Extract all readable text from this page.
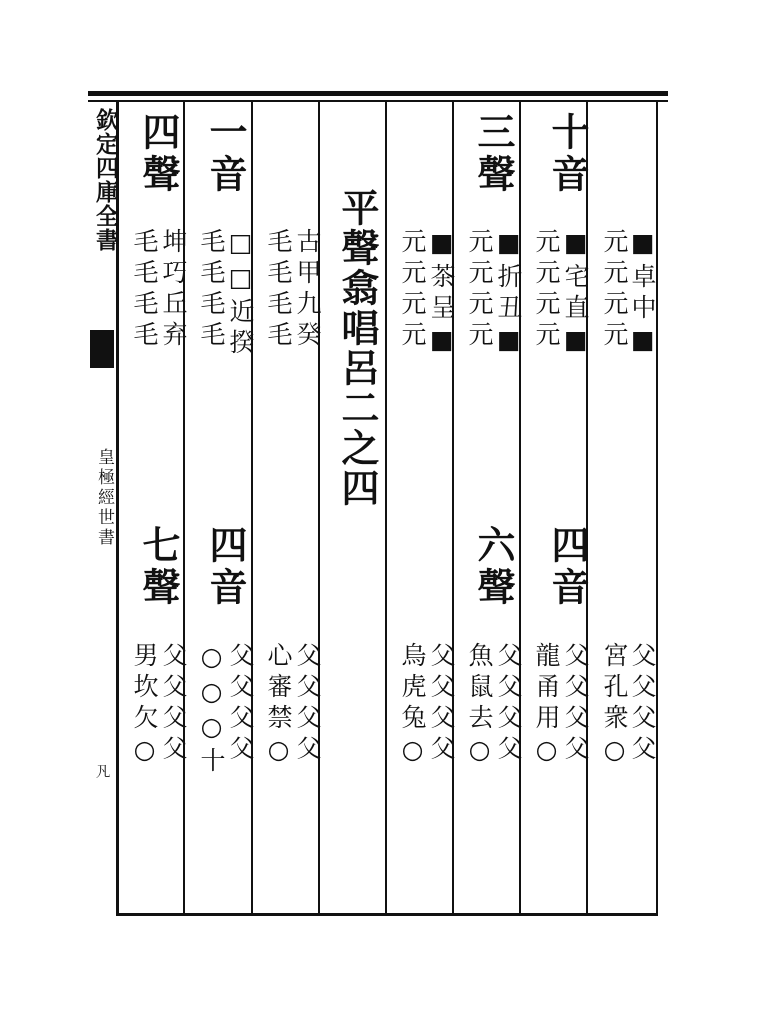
欽定四庫全書
皇極經世書
𠁽
平聲翕唱呂二之四
十音
■卓中■
元元元元
父父父父
宮孔衆○
■宅直■
元元元元
四音
父父父父
龍甬用○
三聲
■折丑■
元元元元
六聲
父父父父
魚鼠去○
■茶呈■
元元元元
父父父父
烏虎兔○
古甲九癸
毛毛毛毛
父父父父
心審禁○
一音
□□近揆
毛毛毛毛
四音
父父父父
○○○十
四聲
坤巧丘弃
毛毛毛毛
七聲
父父父父
男坎欠○
